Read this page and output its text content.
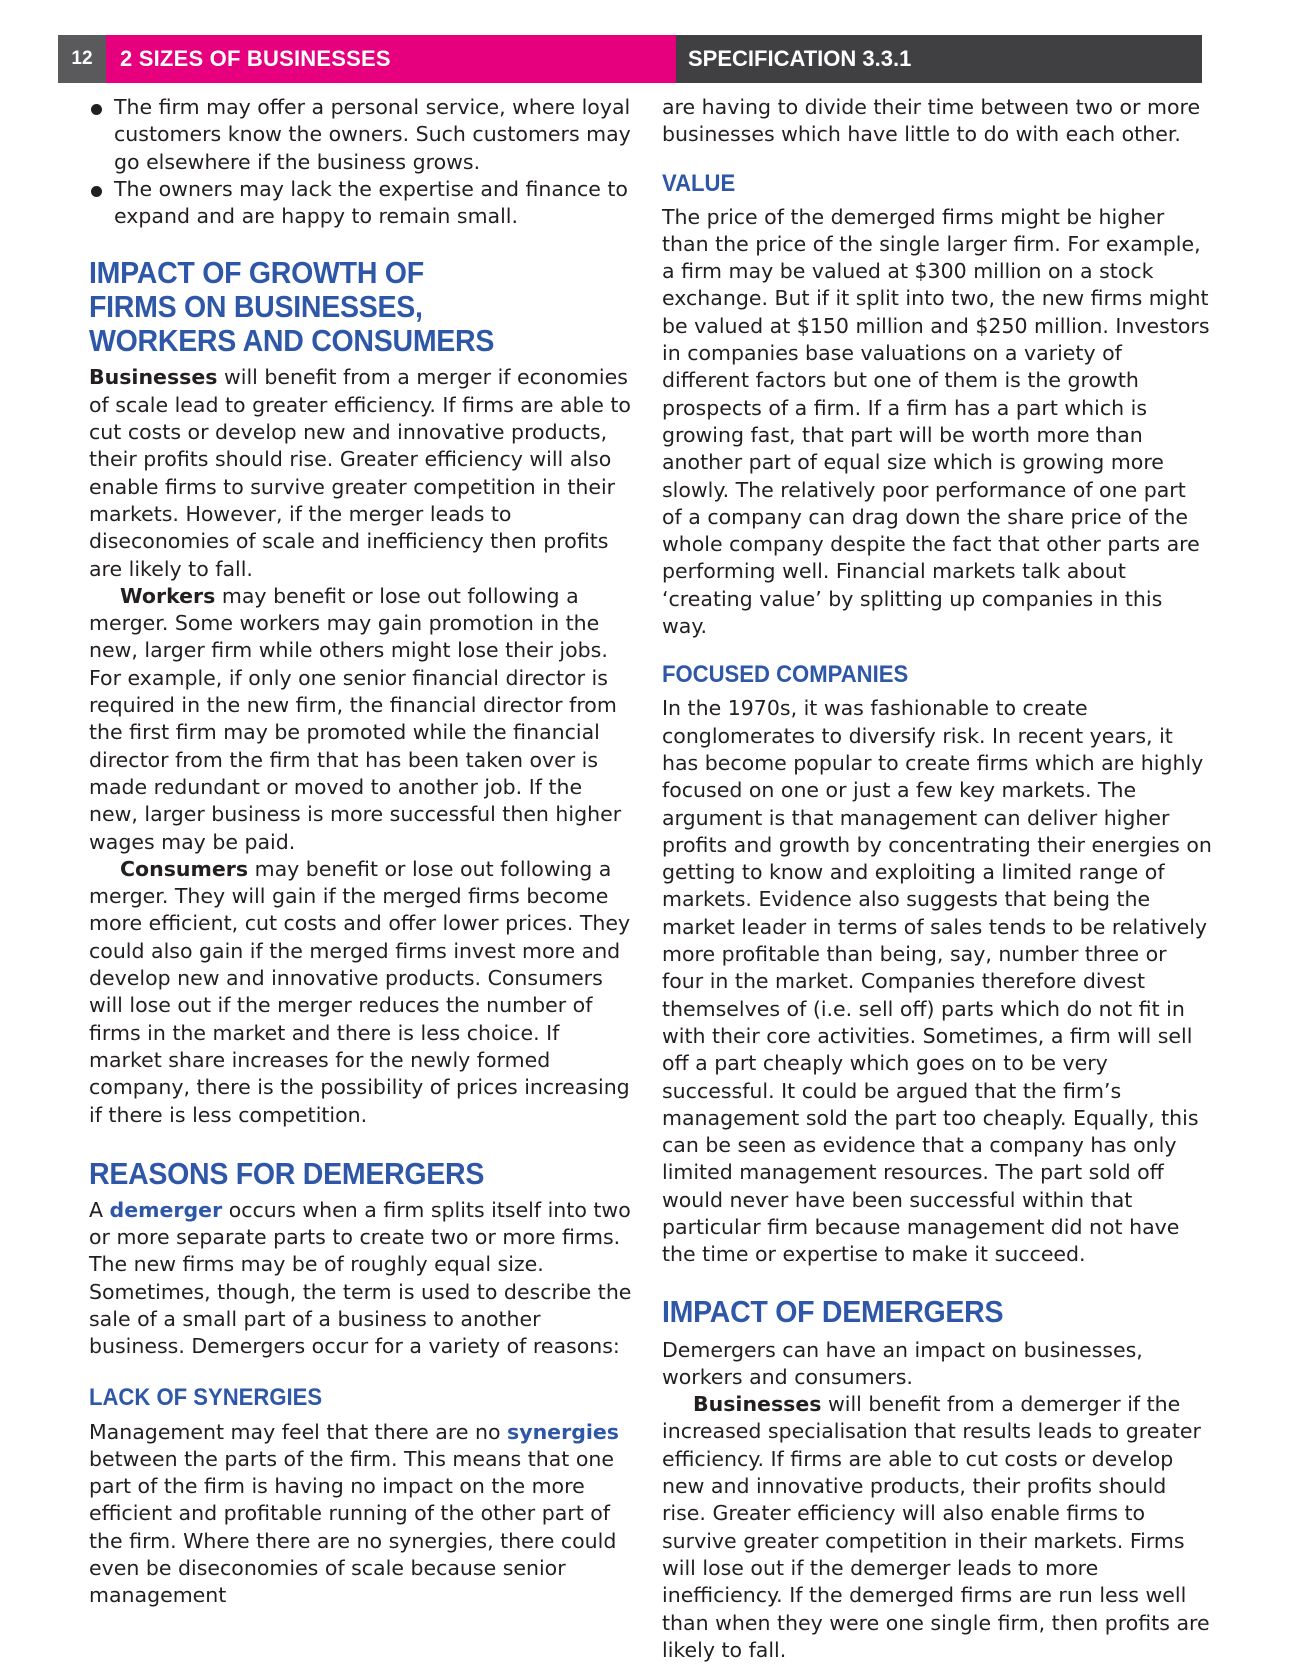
12	2 SIZES OF BUSINESSES	SPECIFICATION 3.3.1
The firm may offer a personal service, where loyal customers know the owners. Such customers may go elsewhere if the business grows.
The owners may lack the expertise and finance to expand and are happy to remain small.
IMPACT OF GROWTH OF FIRMS ON BUSINESSES, WORKERS AND CONSUMERS

Businesses will benefit from a merger if economies of scale lead to greater efficiency. If firms are able to cut costs or develop new and innovative products, their profits should rise. Greater efficiency will also enable firms to survive greater competition in their markets. However, if the merger leads to diseconomies of scale and inefficiency then profits are likely to fall.

Workers may benefit or lose out following a merger. Some workers may gain promotion in the new, larger firm while others might lose their jobs. For example, if only one senior financial director is required in the new firm, the financial director from the first firm may be promoted while the financial director from the firm that has been taken over is made redundant or moved to another job. If the new, larger business is more successful then higher wages may be paid.

Consumers may benefit or lose out following a merger. They will gain if the merged firms become more efficient, cut costs and offer lower prices. They could also gain if the merged firms invest more and develop new and innovative products. Consumers will lose out if the merger reduces the number of firms in the market and there is less choice. If market share increases for the newly formed company, there is the possibility of prices increasing if there is less competition.

REASONS FOR DEMERGERS

A demerger occurs when a firm splits itself into two or more separate parts to create two or more firms. The new firms may be of roughly equal size. Sometimes, though, the term is used to describe the sale of a small part of a business to another business. Demergers occur for a variety of reasons:

LACK OF SYNERGIES

Management may feel that there are no synergies between the parts of the firm. This means that one part of the firm is having no impact on the more efficient and profitable running of the other part of the firm. Where there are no synergies, there could even be diseconomies of scale because senior management

are having to divide their time between two or more businesses which have little to do with each other.

VALUE

The price of the demerged firms might be higher than the price of the single larger firm. For example, a firm may be valued at $300 million on a stock exchange. But if it split into two, the new firms might be valued at $150 million and $250 million. Investors in companies base valuations on a variety of different factors but one of them is the growth prospects of a firm. If a firm has a part which is growing fast, that part will be worth more than another part of equal size which is growing more slowly. The relatively poor performance of one part of a company can drag down the share price of the whole company despite the fact that other parts are performing well. Financial markets talk about ‘creating value’ by splitting up companies in this way.

FOCUSED COMPANIES

In the 1970s, it was fashionable to create conglomerates to diversify risk. In recent years, it has become popular to create firms which are highly focused on one or just a few key markets. The argument is that management can deliver higher profits and growth by concentrating their energies on getting to know and exploiting a limited range of markets. Evidence also suggests that being the market leader in terms of sales tends to be relatively more profitable than being, say, number three or four in the market. Companies therefore divest themselves of (i.e. sell off) parts which do not fit in with their core activities. Sometimes, a firm will sell off a part cheaply which goes on to be very successful. It could be argued that the firm’s management sold the part too cheaply. Equally, this can be seen as evidence that a company has only limited management resources. The part sold off would never have been successful within that particular firm because management did not have the time or expertise to make it succeed.

IMPACT OF DEMERGERS

Demergers can have an impact on businesses, workers and consumers.

Businesses will benefit from a demerger if the increased specialisation that results leads to greater efficiency. If firms are able to cut costs or develop new and innovative products, their profits should rise. Greater efficiency will also enable firms to survive greater competition in their markets. Firms will lose out if the demerger leads to more inefficiency. If the demerged firms are run less well than when they were one single firm, then profits are likely to fall.
